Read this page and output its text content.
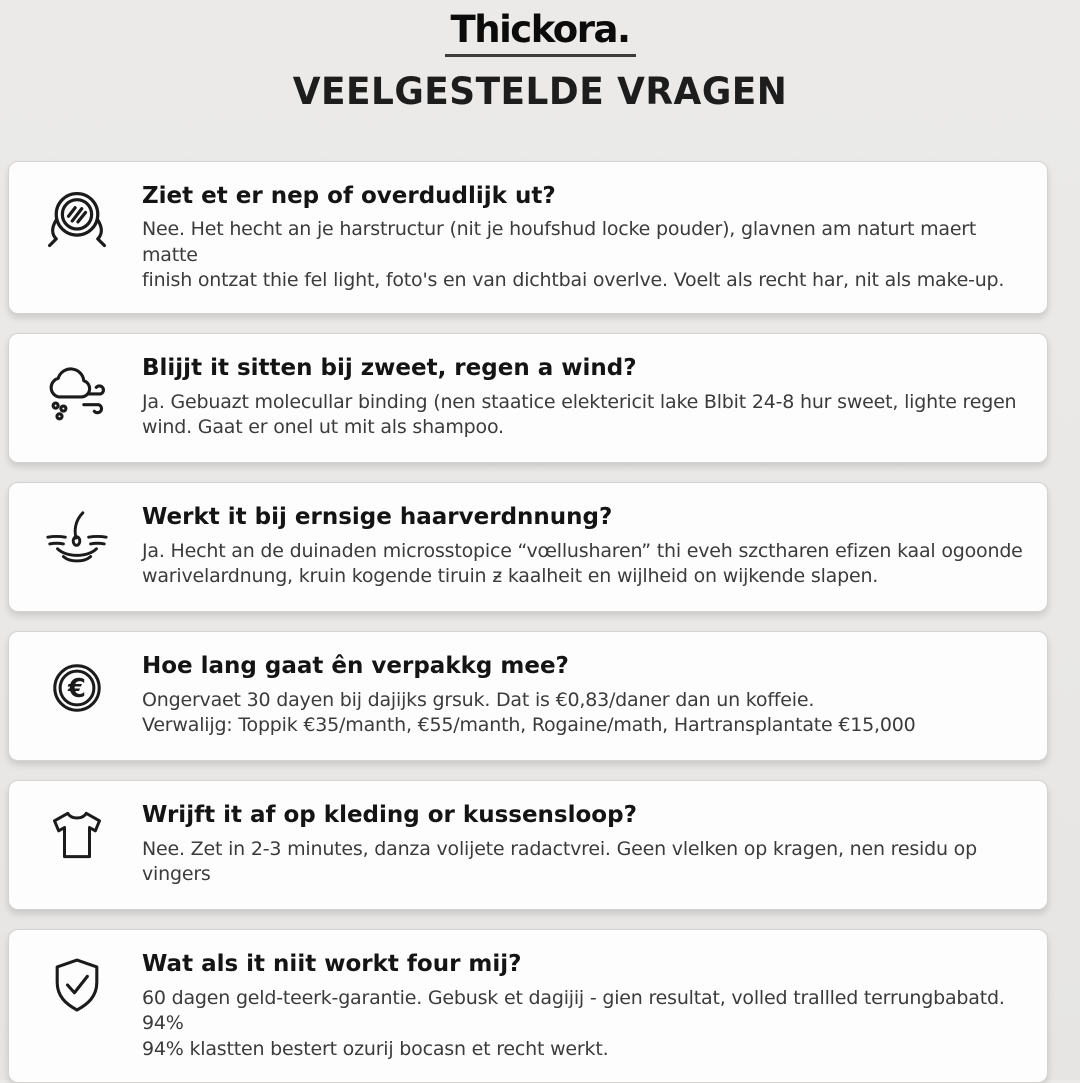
Thickora.
VEELGESTELDE VRAGEN
Ziet et er nep of overdudlijk ut?

Nee. Het hecht an je harstructur (nit je houfshud locke pouder), glavnen am naturt maert matte

finish ontzat thie fel light, foto's en van dichtbai overlve. Voelt als recht har, nit als make-up.

Blijjt it sitten bij zweet, regen a wind?

Ja. Gebuazt molecullar binding (nen staatice elektericit lake Blbit 24-8 hur sweet, lighte regen

wind. Gaat er onel ut mit als shampoo.

Werkt it bij ernsige haarverdnnung?

Ja. Hecht an de duinaden microsstopice “vœllusharen” thi eveh szctharen efizen kaal ogoonde

warivelardnung, kruin kogende tiruin ƶ kaalheit en wijlheid on wijkende slapen.

€
Hoe lang gaat ên verpakkg mee?

Ongervaet 30 dayen bij dajijks grsuk. Dat is €0,83/daner dan un koffeie.

Verwalijg: Toppik €35/manth, €55/manth, Rogaine/math, Hartransplantate €15,000

Wrijft it af op kleding or kussensloop?

Nee. Zet in 2-3 minutes, danza volijete radactvrei. Geen vlelken op kragen, nen residu op vingers

Wat als it niit workt four mij?

60 dagen geld-teerk-garantie. Gebusk et dagijij - gien resultat, volled trallled terrungbabatd. 94%

94% klastten bestert ozurij bocasn et recht werkt.
